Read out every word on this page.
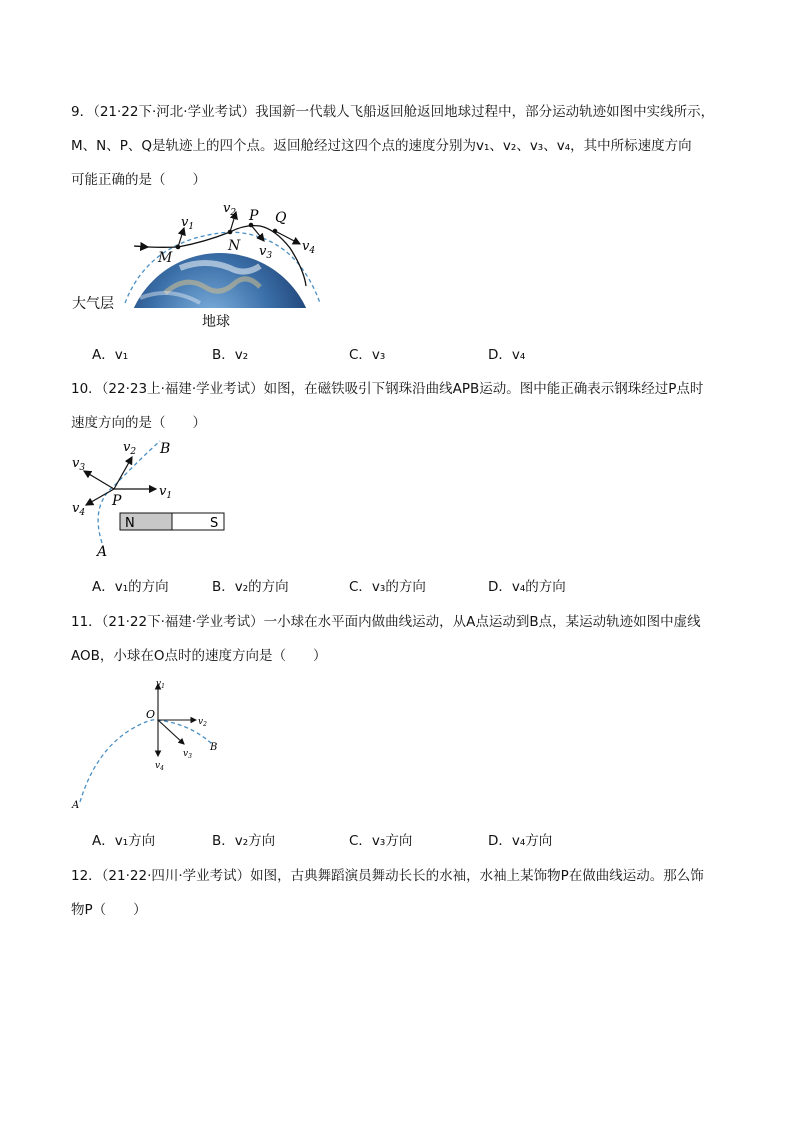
9．（21·22下·河北·学业考试）我国新一代载人飞船返回舱返回地球过程中，部分运动轨迹如图中实线所示，
M、N、P、Q是轨迹上的四个点。返回舱经过这四个点的速度分别为v₁、v₂、v₃、v₄，其中所标速度方向
可能正确的是（　　）
$v_1$
$v_2$
$v_3$
$v_4$
M
N
P Q
大气层
地球
A．v₁	B．v₂	C．v₃	D．v₄
10．（22·23上·福建·学业考试）如图，在磁铁吸引下钢珠沿曲线APB运动。图中能正确表示钢珠经过P点时
速度方向的是（　　）
B
A
P
$v_1$
$v_2$
$v_3$
$v_4$
N	S
A．v₁的方向	B．v₂的方向	C．v₃的方向	D．v₄的方向
11．（21·22下·福建·学业考试）一小球在水平面内做曲线运动，从A点运动到B点，某运动轨迹如图中虚线
AOB，小球在O点时的速度方向是（　　）
O
A
B
$v_1$
$v_2$
$v_3$
$v_4$
A．v₁方向	B．v₂方向	C．v₃方向	D．v₄方向
12．（21·22·四川·学业考试）如图，古典舞蹈演员舞动长长的水袖，水袖上某饰物P在做曲线运动。那么饰
物P（　　）
